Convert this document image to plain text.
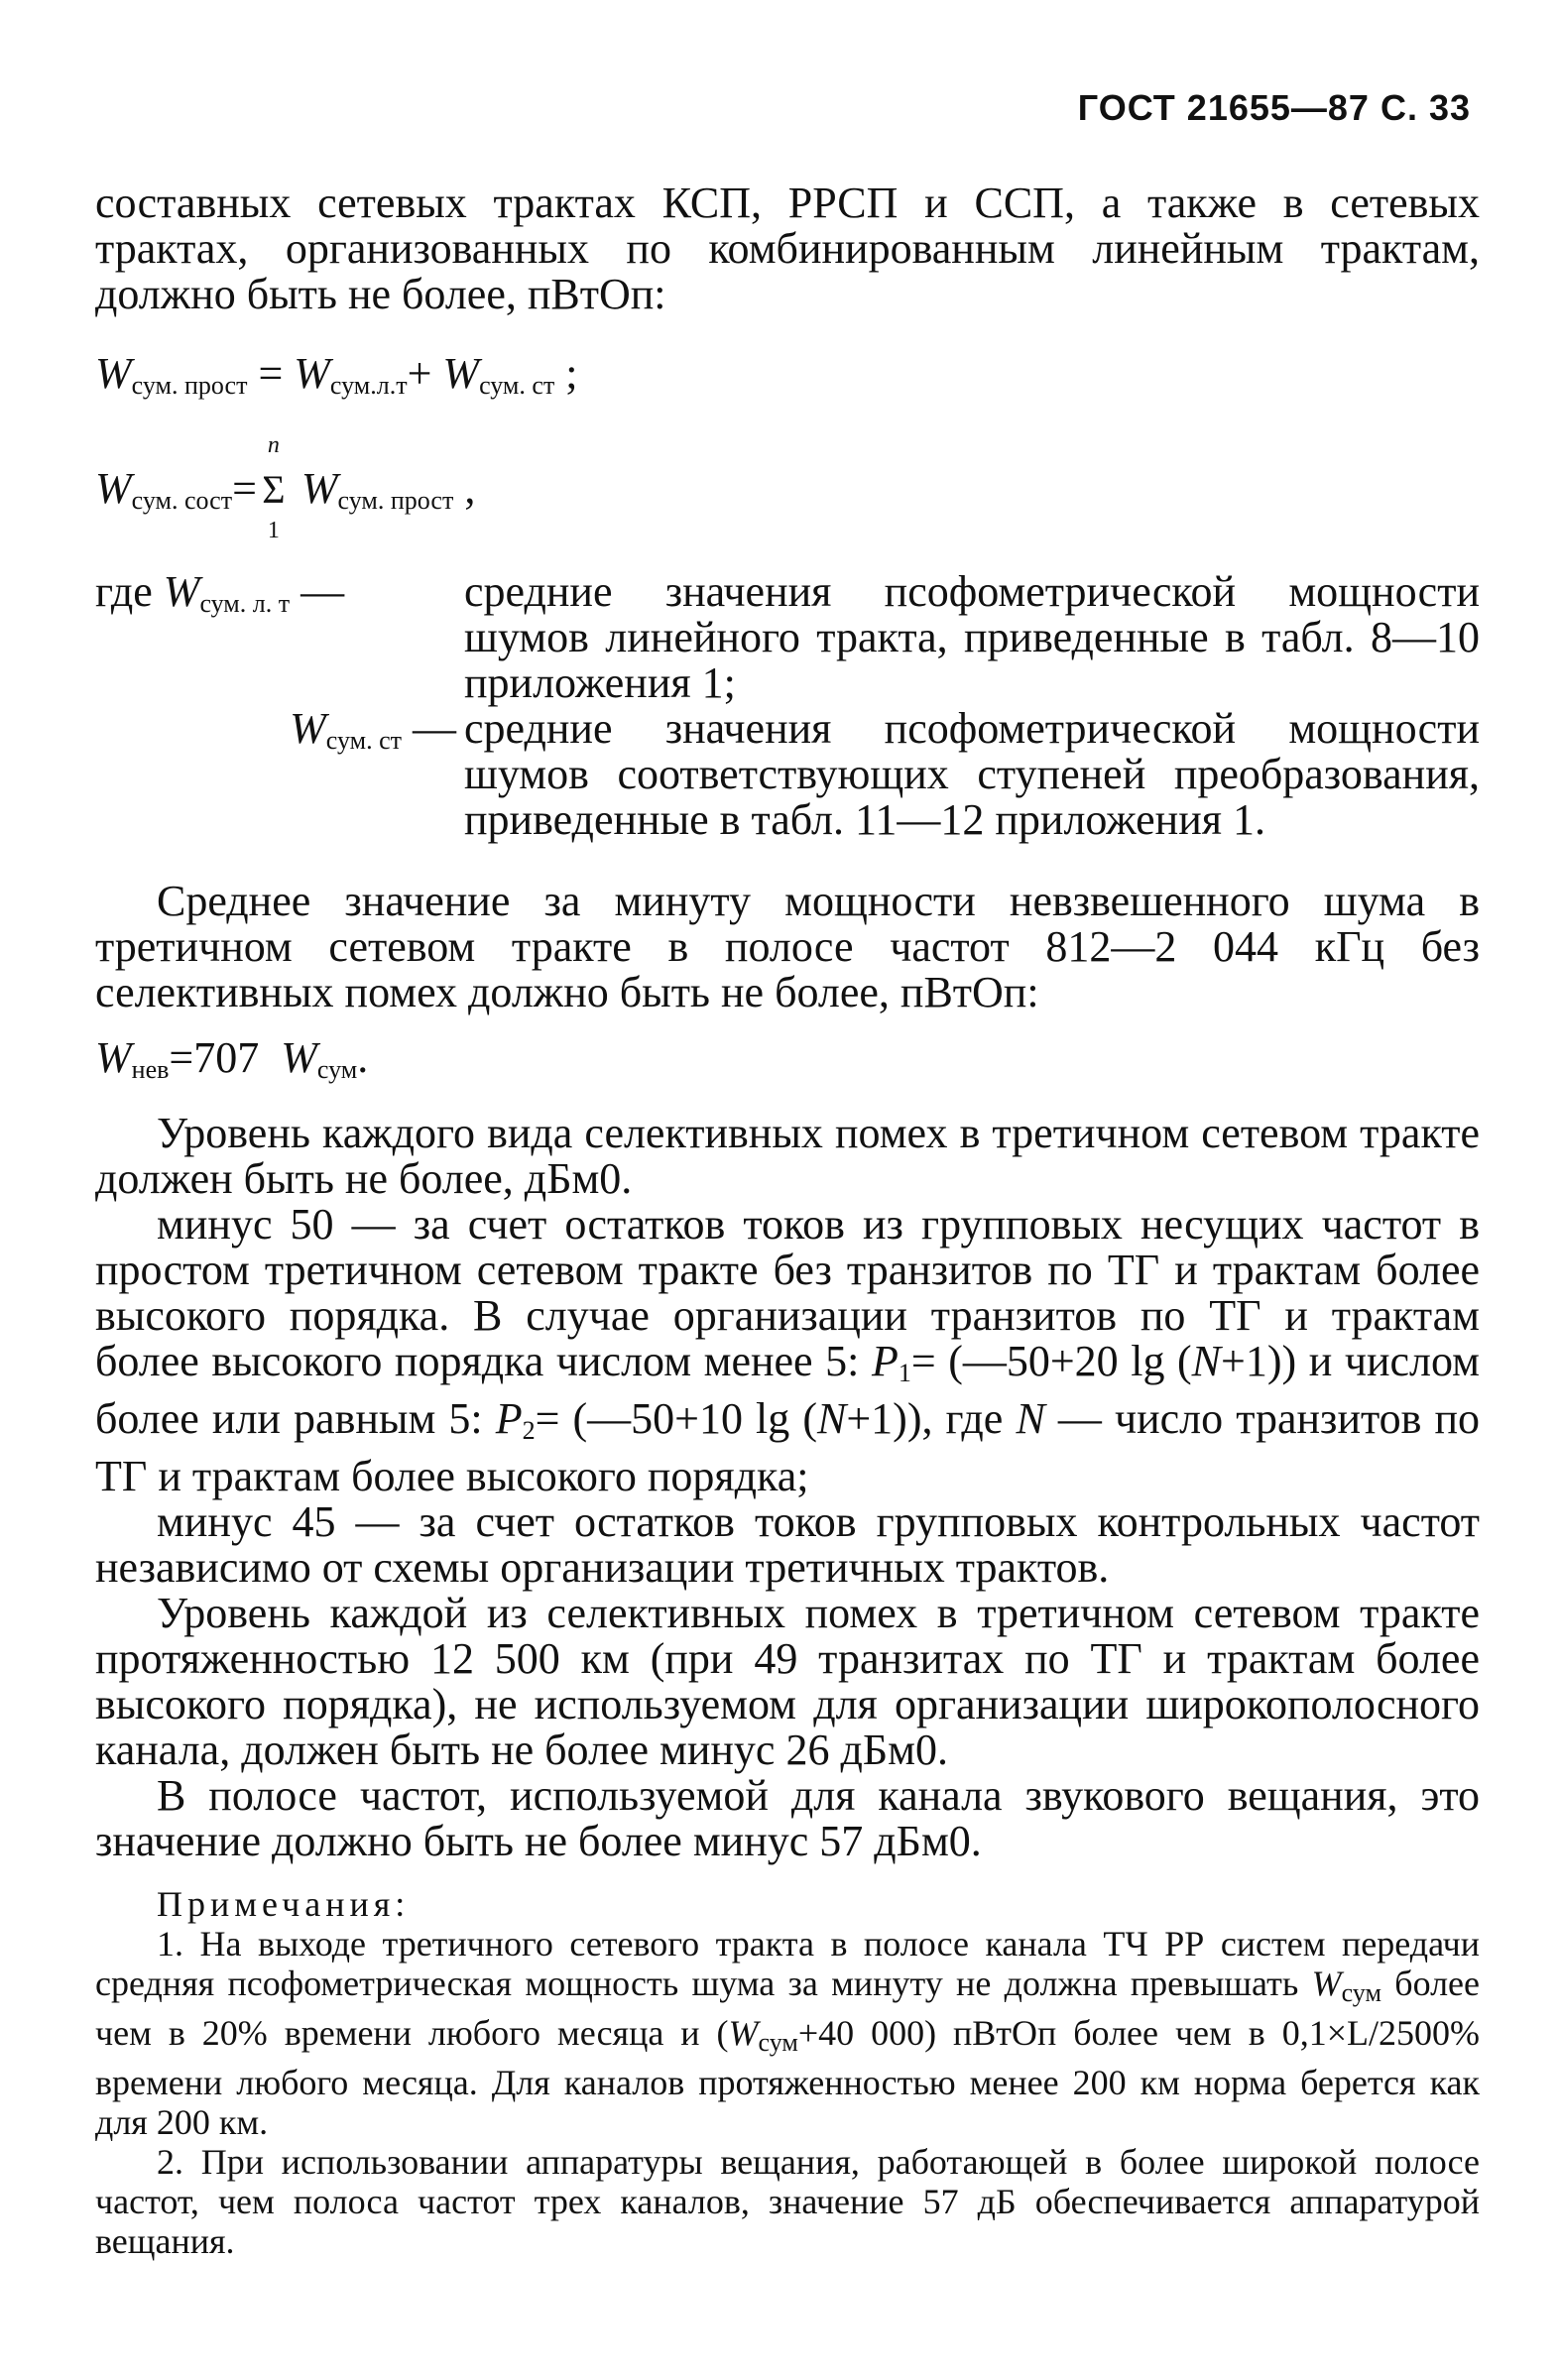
ГОСТ 21655—87 С. 33

составных сетевых трактах КСП, РРСП и ССП, а также в сетевых трактах, организованных по комбинированным линейным трактам, должно быть не более, пВтОп:

$W_{сум. прост} = W_{сум.л.т}+ W_{сум. ст}$ ;

$W_{сум. сост}=$
n
Σ
1
$W_{сум. прост}$ ,

где $W_{сум. л. т}$ —	средние значения псофометрической мощности шумов линейного тракта, приведенные в табл. 8—10 приложения 1;
$W_{сум. ст}$ — средние значения псофометрической мощности шумов соответствующих ступеней преобразования, приведенные в табл. 11—12 приложения 1.

Среднее значение за минуту мощности невзвешенного шума в третичном сетевом тракте в полосе частот 812—2 044 кГц без селективных помех должно быть не более, пВтОп:

$W_{нев}=707$ $W_{сум}$.

Уровень каждого вида селективных помех в третичном сетевом тракте должен быть не более, дБм0.

минус 50 — за счет остатков токов из групповых несущих частот в простом третичном сетевом тракте без транзитов по ТГ и трактам более высокого порядка. В случае организации транзитов по ТГ и трактам более высокого порядка числом менее 5: P1= (—50+20 lg (N+1)) и числом более или равным 5: P2= (—50+10 lg (N+1)), где N — число транзитов по ТГ и трактам более высокого порядка;

минус 45 — за счет остатков токов групповых контрольных частот независимо от схемы организации третичных трактов.

Уровень каждой из селективных помех в третичном сетевом тракте протяженностью 12 500 км (при 49 транзитах по ТГ и трактам более высокого порядка), не используемом для организации широкополосного канала, должен быть не более минус 26 дБм0.

В полосе частот, используемой для канала звукового вещания, это значение должно быть не более минус 57 дБм0.

Примечания:

1. На выходе третичного сетевого тракта в полосе канала ТЧ РР систем передачи средняя псофометрическая мощность шума за минуту не должна превышать Wсум более чем в 20% времени любого месяца и (Wсум+40 000) пВтОп более чем в 0,1×L/2500% времени любого месяца. Для каналов протяженностью менее 200 км норма берется как для 200 км.

2. При использовании аппаратуры вещания, работающей в более широкой полосе частот, чем полоса частот трех каналов, значение 57 дБ обеспечивается аппаратурой вещания.
